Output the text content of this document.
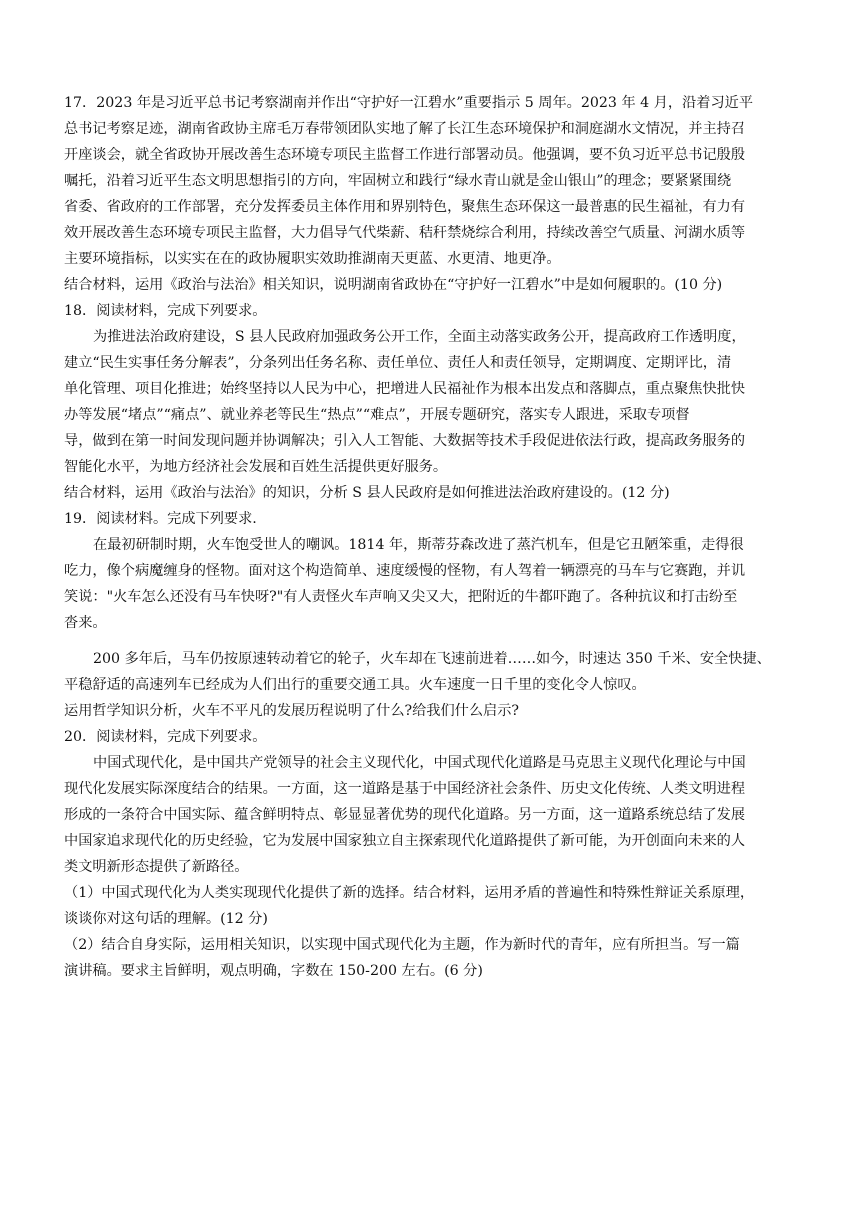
17．2023 年是习近平总书记考察湖南并作出“守护好一江碧水”重要指示 5 周年。2023 年 4 月，沿着习近平
总书记考察足迹，湖南省政协主席毛万春带领团队实地了解了长江生态环境保护和洞庭湖水文情况，并主持召
开座谈会，就全省政协开展改善生态环境专项民主监督工作进行部署动员。他强调，要不负习近平总书记殷殷
嘱托，沿着习近平生态文明思想指引的方向，牢固树立和践行“绿水青山就是金山银山”的理念；要紧紧围绕
省委、省政府的工作部署，充分发挥委员主体作用和界别特色，聚焦生态环保这一最普惠的民生福祉，有力有
效开展改善生态环境专项民主监督，大力倡导气代柴薪、秸秆禁烧综合利用，持续改善空气质量、河湖水质等
主要环境指标，以实实在在的政协履职实效助推湖南天更蓝、水更清、地更净。
结合材料，运用《政治与法治》相关知识，说明湖南省政协在“守护好一江碧水”中是如何履职的。(10 分)
18．阅读材料，完成下列要求。
为推进法治政府建设，S 县人民政府加强政务公开工作，全面主动落实政务公开，提高政府工作透明度，
建立“民生实事任务分解表”，分条列出任务名称、责任单位、责任人和责任领导，定期调度、定期评比，清
单化管理、项目化推进；始终坚持以人民为中心，把增进人民福祉作为根本出发点和落脚点，重点聚焦快批快
办等发展“堵点”“痛点”、就业养老等民生“热点”“难点”，开展专题研究，落实专人跟进，采取专项督
导，做到在第一时间发现问题并协调解决；引入人工智能、大数据等技术手段促进依法行政，提高政务服务的
智能化水平，为地方经济社会发展和百姓生活提供更好服务。
结合材料，运用《政治与法治》的知识，分析 S 县人民政府是如何推进法治政府建设的。(12 分)
19．阅读材料。完成下列要求.
在最初研制时期，火车饱受世人的嘲讽。1814 年，斯蒂芬森改进了蒸汽机车，但是它丑陋笨重，走得很
吃力，像个病魔缠身的怪物。面对这个构造简单、速度缓慢的怪物，有人驾着一辆漂亮的马车与它赛跑，并讥
笑说："火车怎么还没有马车快呀?"有人责怪火车声响又尖又大，把附近的牛都吓跑了。各种抗议和打击纷至
沓来。
200 多年后，马车仍按原速转动着它的轮子，火车却在飞速前进着……如今，时速达 350 千米、安全快捷、
平稳舒适的高速列车已经成为人们出行的重要交通工具。火车速度一日千里的变化令人惊叹。
运用哲学知识分析，火车不平凡的发展历程说明了什么?给我们什么启示?
20．阅读材料，完成下列要求。
中国式现代化，是中国共产党领导的社会主义现代化，中国式现代化道路是马克思主义现代化理论与中国
现代化发展实际深度结合的结果。一方面，这一道路是基于中国经济社会条件、历史文化传统、人类文明进程
形成的一条符合中国实际、蕴含鲜明特点、彰显显著优势的现代化道路。另一方面，这一道路系统总结了发展
中国家追求现代化的历史经验，它为发展中国家独立自主探索现代化道路提供了新可能，为开创面向未来的人
类文明新形态提供了新路径。
（1）中国式现代化为人类实现现代化提供了新的选择。结合材料，运用矛盾的普遍性和特殊性辩证关系原理，
谈谈你对这句话的理解。(12 分)
（2）结合自身实际，运用相关知识，以实现中国式现代化为主题，作为新时代的青年，应有所担当。写一篇
演讲稿。要求主旨鲜明，观点明确，字数在 150-200 左右。(6 分)
